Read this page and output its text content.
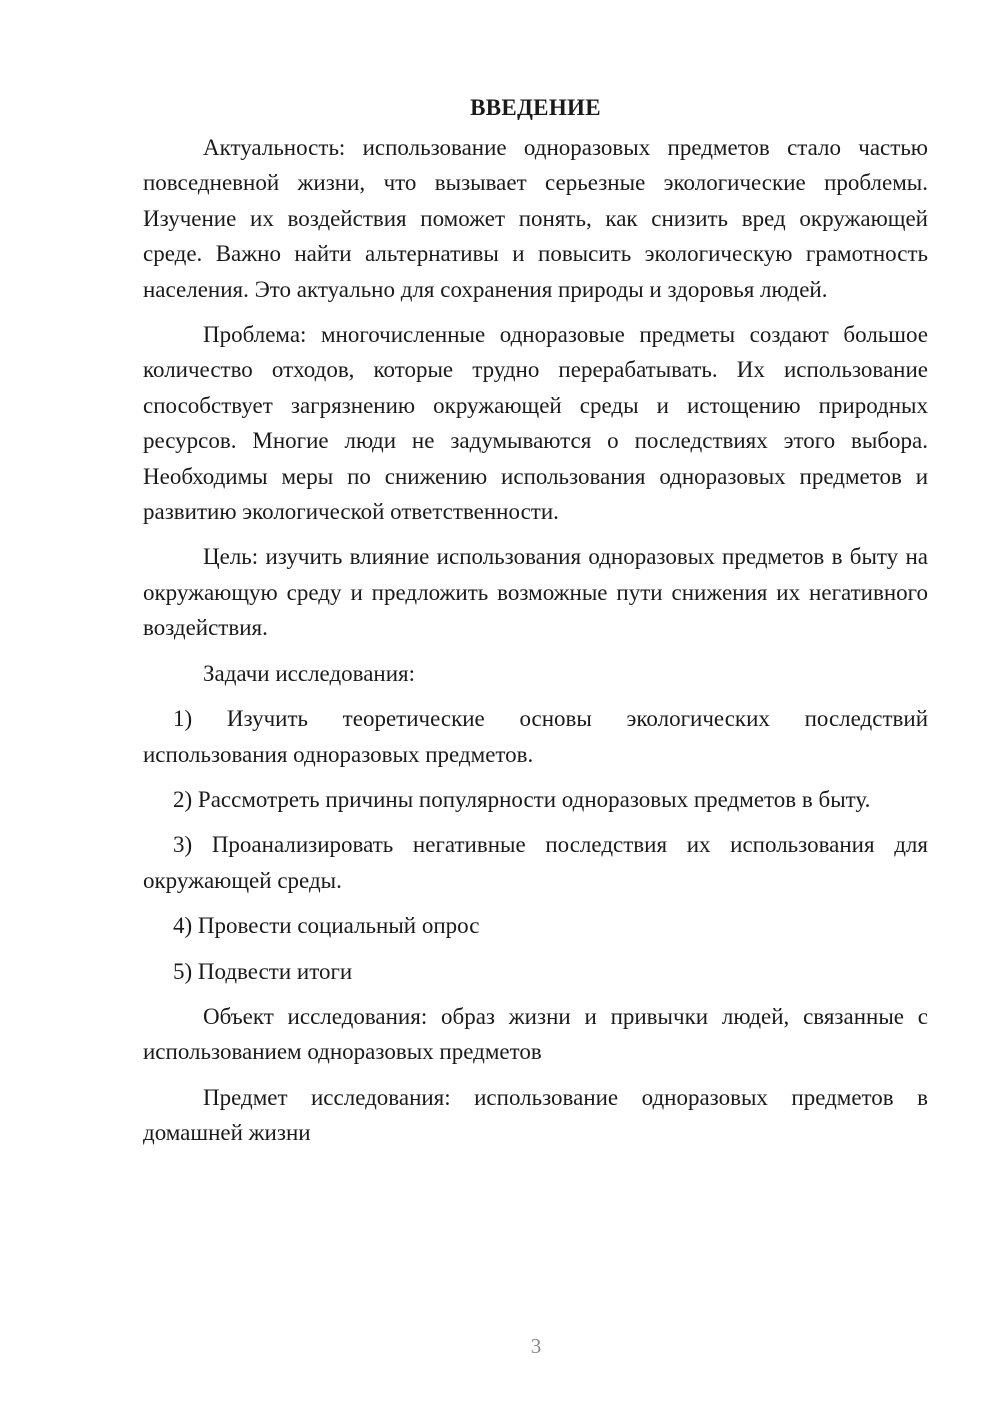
ВВЕДЕНИЕ

Актуальность: использование одноразовых предметов стало частью повседневной жизни, что вызывает серьезные экологические проблемы. Изучение их воздействия поможет понять, как снизить вред окружающей среде. Важно найти альтернативы и повысить экологическую грамотность населения. Это актуально для сохранения природы и здоровья людей.

Проблема: многочисленные одноразовые предметы создают большое количество отходов, которые трудно перерабатывать. Их использование способствует загрязнению окружающей среды и истощению природных ресурсов. Многие люди не задумываются о последствиях этого выбора. Необходимы меры по снижению использования одноразовых предметов и развитию экологической ответственности.

Цель: изучить влияние использования одноразовых предметов в быту на окружающую среду и предложить возможные пути снижения их негативного воздействия.

Задачи исследования:

1) Изучить теоретические основы экологических последствий использования одноразовых предметов.

2) Рассмотреть причины популярности одноразовых предметов в быту.

3) Проанализировать негативные последствия их использования для окружающей среды.

4) Провести социальный опрос

5) Подвести итоги

Объект исследования: образ жизни и привычки людей, связанные с использованием одноразовых предметов

Предмет исследования: использование одноразовых предметов в домашней жизни

3
